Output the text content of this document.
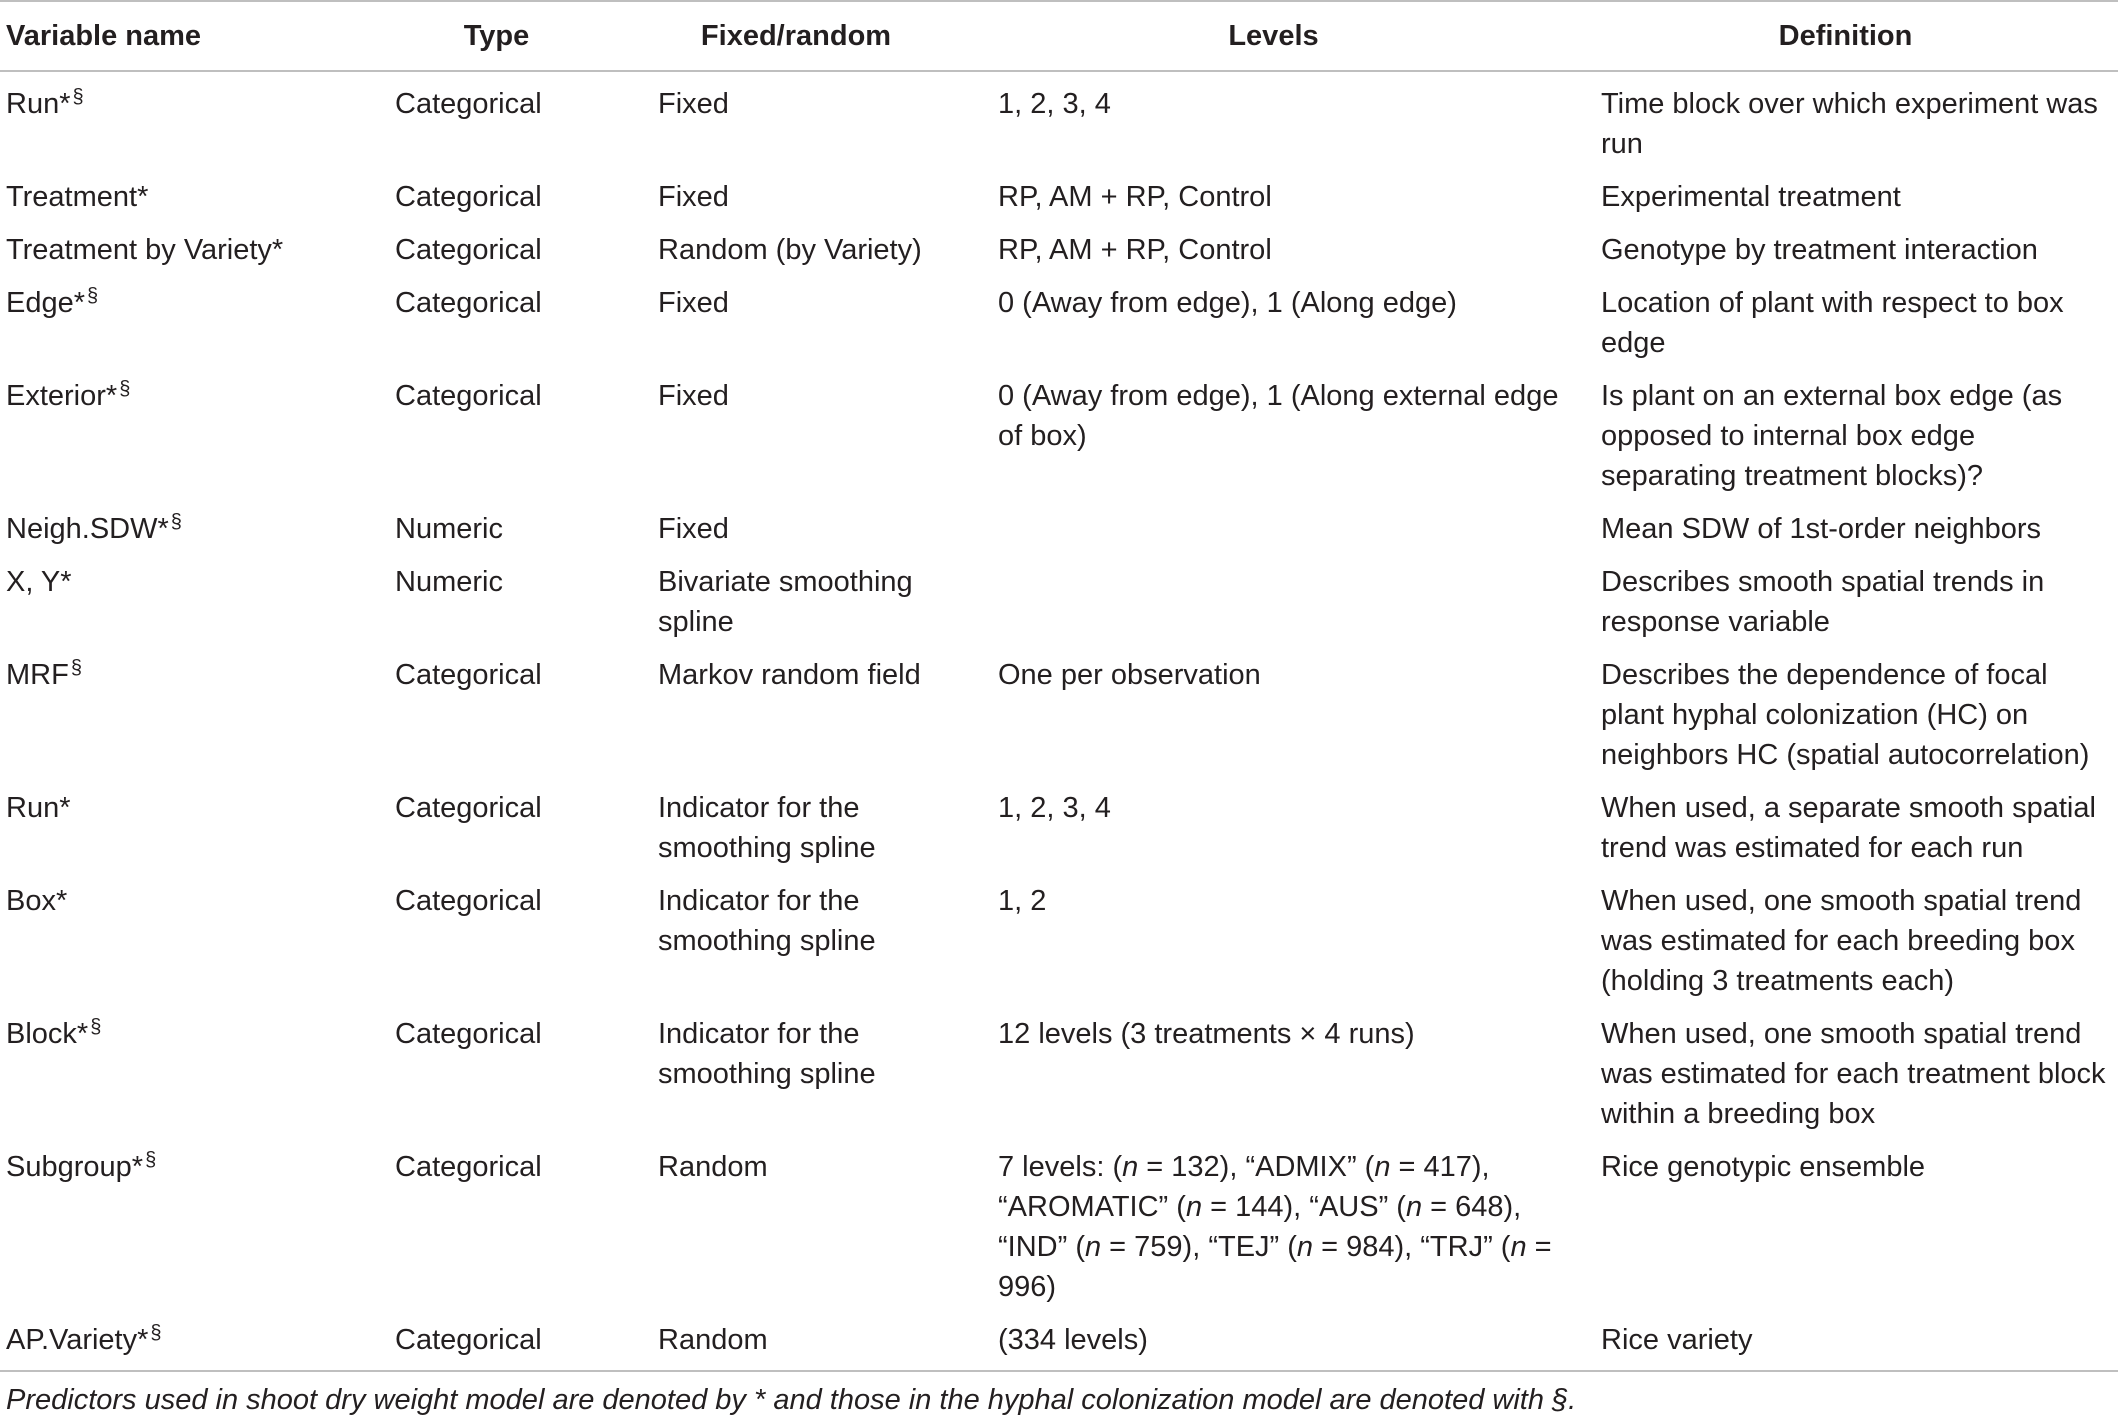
Variable name	Type	Fixed/random	Levels	Definition
Run* §	Categorical	Fixed	1, 2, 3, 4	Time block over which experiment was run
Treatment*	Categorical	Fixed	RP, AM + RP, Control	Experimental treatment
Treatment by Variety*	Categorical	Random (by Variety)	RP, AM + RP, Control	Genotype by treatment interaction
Edge* §	Categorical	Fixed	0 (Away from edge), 1 (Along edge)	Location of plant with respect to box edge
Exterior* §	Categorical	Fixed	0 (Away from edge), 1 (Along external edge of box)	Is plant on an external box edge (as opposed to internal box edge separating treatment blocks)?
Neigh.SDW* §	Numeric	Fixed		Mean SDW of 1st-order neighbors
X, Y*	Numeric	Bivariate smoothing spline		Describes smooth spatial trends in response variable
MRF §	Categorical	Markov random field	One per observation	Describes the dependence of focal plant hyphal colonization (HC) on neighbors HC (spatial autocorrelation)
Run*	Categorical	Indicator for the smoothing spline	1, 2, 3, 4	When used, a separate smooth spatial trend was estimated for each run
Box*	Categorical	Indicator for the smoothing spline	1, 2	When used, one smooth spatial trend was estimated for each breeding box (holding 3 treatments each)
Block* §	Categorical	Indicator for the smoothing spline	12 levels (3 treatments × 4 runs)	When used, one smooth spatial trend was estimated for each treatment block within a breeding box
Subgroup* §	Categorical	Random	7 levels: (n = 132), “ADMIX” (n = 417), “AROMATIC” (n = 144), “AUS” (n = 648), “IND” (n = 759), “TEJ” (n = 984), “TRJ” (n = 996)	Rice genotypic ensemble
AP.Variety* §	Categorical	Random	(334 levels)	Rice variety
Predictors used in shoot dry weight model are denoted by * and those in the hyphal colonization model are denoted with §.
